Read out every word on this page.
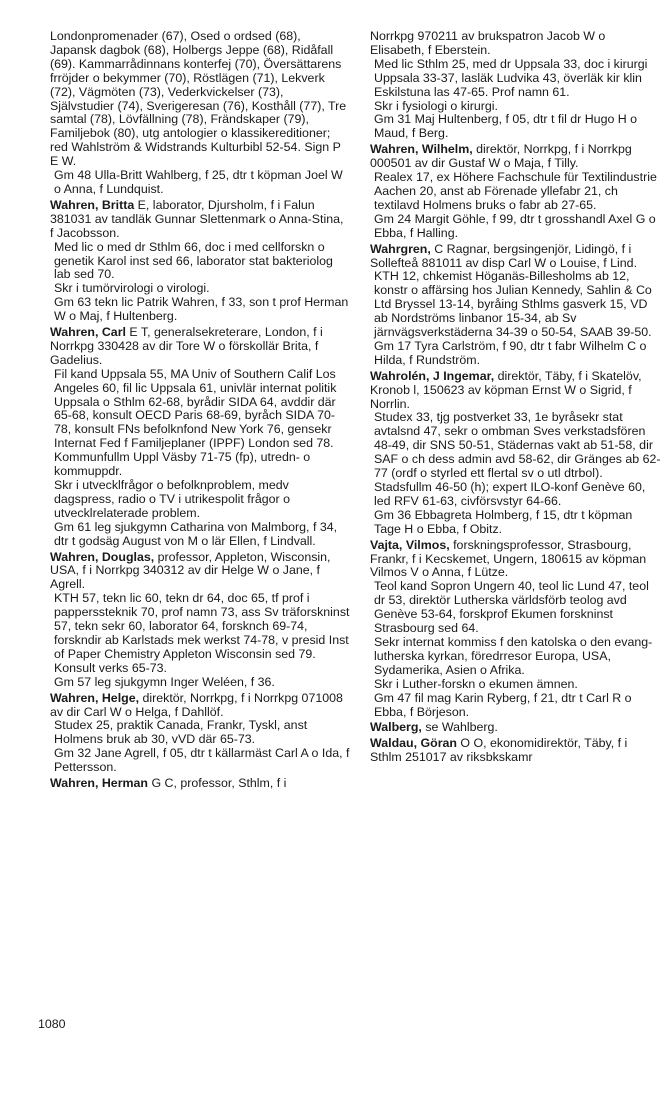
Londonpromenader (67), Osed o ordsed (68), Japansk dagbok (68), Holbergs Jeppe (68), Ridåfall (69). Kammarrådinnans konterfej (70), Översättarens frröjder o bekymmer (70), Röstlägen (71), Lekverk (72), Vägmöten (73), Vederkvickelser (73), Självstudier (74), Sverigeresan (76), Kosthåll (77), Tre samtal (78), Lövfällning (78), Frändskaper (79), Familjebok (80), utg antologier o klassikereditioner; red Wahlström & Widstrands Kulturbibl 52-54. Sign P E W.

Gm 48 Ulla-Britt Wahlberg, f 25, dtr t köpman Joel W o Anna, f Lundquist.

Wahren, Britta E, laborator, Djursholm, f i Falun 381031 av tandläk Gunnar Slettenmark o Anna-Stina, f Jacobsson.

Med lic o med dr Sthlm 66, doc i med cellforskn o genetik Karol inst sed 66, laborator stat bakteriolog lab sed 70.

Skr i tumörvirologi o virologi.

Gm 63 tekn lic Patrik Wahren, f 33, son t prof Herman W o Maj, f Hultenberg.

Wahren, Carl E T, generalsekreterare, London, f i Norrkpg 330428 av dir Tore W o förskollär Brita, f Gadelius.

Fil kand Uppsala 55, MA Univ of Southern Calif Los Angeles 60, fil lic Uppsala 61, univlär internat politik Uppsala o Sthlm 62-68, byrådir SIDA 64, avddir där 65-68, konsult OECD Paris 68-69, byråch SIDA 70-78, konsult FNs befolknfond New York 76, gensekr Internat Fed f Familjeplaner (IPPF) London sed 78.

Kommunfullm Uppl Väsby 71-75 (fp), utredn- o kommuppdr.

Skr i utvecklfrågor o befolknproblem, medv dagspress, radio o TV i utrikespolit frågor o utvecklrelaterade problem.

Gm 61 leg sjukgymn Catharina von Malmborg, f 34, dtr t godsäg August von M o lär Ellen, f Lindvall.

Wahren, Douglas, professor, Appleton, Wisconsin, USA, f i Norrkpg 340312 av dir Helge W o Jane, f Agrell.

KTH 57, tekn lic 60, tekn dr 64, doc 65, tf prof i papperssteknik 70, prof namn 73, ass Sv träforskninst 57, tekn sekr 60, laborator 64, forsknch 69-74, forskndir ab Karlstads mek werkst 74-78, v presid Inst of Paper Chemistry Appleton Wisconsin sed 79.

Konsult verks 65-73.

Gm 57 leg sjukgymn Inger Weléen, f 36.

Wahren, Helge, direktör, Norrkpg, f i Norrkpg 071008 av dir Carl W o Helga, f Dahllöf.

Studex 25, praktik Canada, Frankr, Tyskl, anst Holmens bruk ab 30, vVD där 65-73.

Gm 32 Jane Agrell, f 05, dtr t källarmäst Carl A o Ida, f Pettersson.

Wahren, Herman G C, professor, Sthlm, f i

Norrkpg 970211 av brukspatron Jacob W o Elisabeth, f Eberstein.

Med lic Sthlm 25, med dr Uppsala 33, doc i kirurgi Uppsala 33-37, lasläk Ludvika 43, överläk kir klin Eskilstuna las 47-65. Prof namn 61.

Skr i fysiologi o kirurgi.

Gm 31 Maj Hultenberg, f 05, dtr t fil dr Hugo H o Maud, f Berg.

Wahren, Wilhelm, direktör, Norrkpg, f i Norrkpg 000501 av dir Gustaf W o Maja, f Tilly.

Realex 17, ex Höhere Fachschule für Textilindustrie Aachen 20, anst ab Förenade yllefabr 21, ch textilavd Holmens bruks o fabr ab 27-65.

Gm 24 Margit Göhle, f 99, dtr t grosshandl Axel G o Ebba, f Halling.

Wahrgren, C Ragnar, bergsingenjör, Lidingö, f i Sollefteå 881011 av disp Carl W o Louise, f Lind.

KTH 12, chkemist Höganäs-Billesholms ab 12, konstr o affärsing hos Julian Kennedy, Sahlin & Co Ltd Bryssel 13-14, byråing Sthlms gasverk 15, VD ab Nordströms linbanor 15-34, ab Sv järnvägsverkstäderna 34-39 o 50-54, SAAB 39-50.

Gm 17 Tyra Carlström, f 90, dtr t fabr Wilhelm C o Hilda, f Rundström.

Wahrolén, J Ingemar, direktör, Täby, f i Skatelöv, Kronob l, 150623 av köpman Ernst W o Sigrid, f Norrlin.

Studex 33, tjg postverket 33, 1e byråsekr stat avtalsnd 47, sekr o ombman Sves verkstadsfören 48-49, dir SNS 50-51, Städernas vakt ab 51-58, dir SAF o ch dess admin avd 58-62, dir Gränges ab 62-77 (ordf o styrled ett flertal sv o utl dtrbol).

Stadsfullm 46-50 (h); expert ILO-konf Genève 60, led RFV 61-63, civförsvstyr 64-66.

Gm 36 Ebbagreta Holmberg, f 15, dtr t köpman Tage H o Ebba, f Obitz.

Vajta, Vilmos, forskningsprofessor, Strasbourg, Frankr, f i Kecskemet, Ungern, 180615 av köpman Vilmos V o Anna, f Lütze.

Teol kand Sopron Ungern 40, teol lic Lund 47, teol dr 53, direktör Lutherska världsförb teolog avd Genève 53-64, forskprof Ekumen forskninst Strasbourg sed 64.

Sekr internat kommiss f den katolska o den evang-lutherska kyrkan, föredrresor Europa, USA, Sydamerika, Asien o Afrika.

Skr i Luther-forskn o ekumen ämnen.

Gm 47 fil mag Karin Ryberg, f 21, dtr t Carl R o Ebba, f Börjeson.

Walberg, se Wahlberg.

Waldau, Göran O O, ekonomidirektör, Täby, f i Sthlm 251017 av riksbkskamr

1080
